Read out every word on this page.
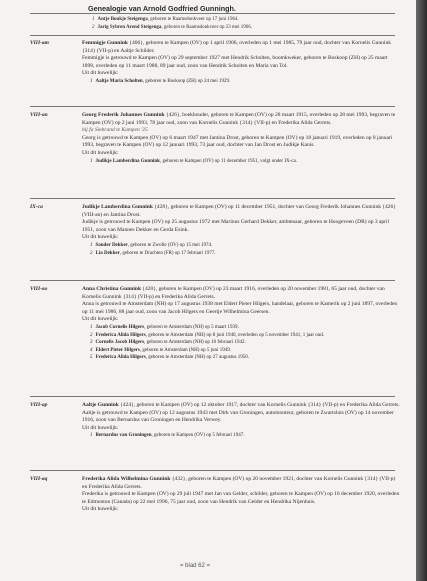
Genealogie van Arnold Godfried Gunningh.
1 Antje Boukje Steigenga, geboren te Raamsdonkveer op 17 juni 1964.
2 Jarig Sybren Arend Steigenga, geboren te Raamsdonkveer op 23 mei 1966.
VIII-am	Femmigje Gunnink {406}, geboren te Kampen (OV) op 1 april 1906, overleden op 1 mei 1985, 79 jaar oud, dochter van Kornelis Gunnink {314} (VII-p) en Aaltje Schilder.

Femmigje is getrouwd te Kampen (OV) op 29 september 1927 met Hendrik Scholten, boomkweker, geboren te Boskoop (ZH) op 25 maart 1898, overleden op 11 maart 1988, 89 jaar oud, zoon van Hendrik Scholten en Maria van Tol.

Uit dit huwelijk:

1 Aaltje Maria Scholten, geboren te Boskoop (ZH) op 24 mei 1929.
VIII-an	Georg Frederik Johannes Gunnink {426}, boekhouder, geboren te Kampen (OV) op 28 maart 1915, overleden op 28 mei 1993, begraven te Kampen (OV) op 2 juni 1993, 78 jaar oud, zoon van Kornelis Gunnink {314} (VII-p) en Frederika Alida Gerrets.

bij fa Siebrand te Kampen '25

Georg is getrouwd te Kampen (OV) op 6 maart 1947 met Jantina Drost, geboren te Kampen (OV) op 18 januari 1919, overleden op 8 januari 1993, begraven te Kampen (OV) op 12 januari 1993, 73 jaar oud, dochter van Jan Drost en Judikje Kanis.

Uit dit huwelijk:

1 Judikje Lamberdina Gunnink, geboren te Kampen (OV) op 11 december 1951, volgt onder IX-ca.
IX-ca	Judikje Lamberdina Gunnink {428}, geboren te Kampen (OV) op 11 december 1951, dochter van Georg Frederik Johannes Gunnink {426} (VIII-an) en Jantina Drost.

Judikje is getrouwd te Kampen (OV) op 25 augustus 1972 met Marinus Gerhard Dekker, ambtenaar, geboren te Hoogeveen (DR) op 3 april 1951, zoon van Mannes Dekker en Gerda Esink.

Uit dit huwelijk:

1 Sander Dekker, geboren te Zwolle (OV) op 15 mei 1974.
2 Lia Dekker, geboren te Drachten (FR) op 17 februari 1977.
VIII-ao	Anna Christina Gunnink {420}, geboren te Kampen (OV) op 23 maart 1916, overleden op 20 november 1981, 65 jaar oud, dochter van Kornelis Gunnink {314} (VII-p) en Frederika Alida Gerrets.

Anna is getrouwd te Amsterdam (NH) op 17 augustus 1938 met Eldert Pieter Hilgers, handelaar, geboren te Kamerik op 2 juni 1897, overleden op 11 mei 1986, 88 jaar oud, zoon van Jacob Hilgers en Geertje Wilhelmina Geersen.

Uit dit huwelijk:

1 Jacob Cornelis Hilgers, geboren te Amsterdam (NH) op 5 maart 1939.
2 Frederica Alida Hilgers, geboren te Amsterdam (NH) op 8 juni 1940, overleden op 5 november 1941, 1 jaar oud.
3 Cornelis Jacob Hilgers, geboren te Amsterdam (NH) op 16 februari 1942.
4 Eldert Pieter Hilgers, geboren te Amsterdam (NH) op 5 juni 1949.
5 Frederica Alida Hilgers, geboren te Amsterdam (NH) op 27 augustus 1950.
VIII-ap	Aaltje Gunnink {424}, geboren te Kampen (OV) op 12 oktober 1917, dochter van Kornelis Gunnink {314} (VII-p) en Frederika Alida Gerrets.

Aaltje is getrouwd te Kampen (OV) op 12 augustus 1943 met Dirk van Groningen, automonteur, geboren te Zwartsluis (OV) op 14 november 1916, zoon van Bernardus van Groningen en Hendrika Verwey.

Uit dit huwelijk:

1 Bernardus van Groningen, geboren te Kampen (OV) op 5 februari 1947.
VIII-aq	Frederika Alida Wilhelmina Gunnink {432}, geboren te Kampen (OV) op 20 november 1921, dochter van Kornelis Gunnink {314} (VII-p) en Frederika Alida Gerrets.

Frederika is getrouwd te Kampen (OV) op 29 juli 1947 met Jan van Gelder, schilder, geboren te Kampen (OV) op 10 december 1920, overleden te Edmonton (Canada) op 22 mei 1996, 75 jaar oud, zoon van Hendrik van Gelder en Hendrika Nijenhuis.

Uit dit huwelijk:

= blad 62 =
